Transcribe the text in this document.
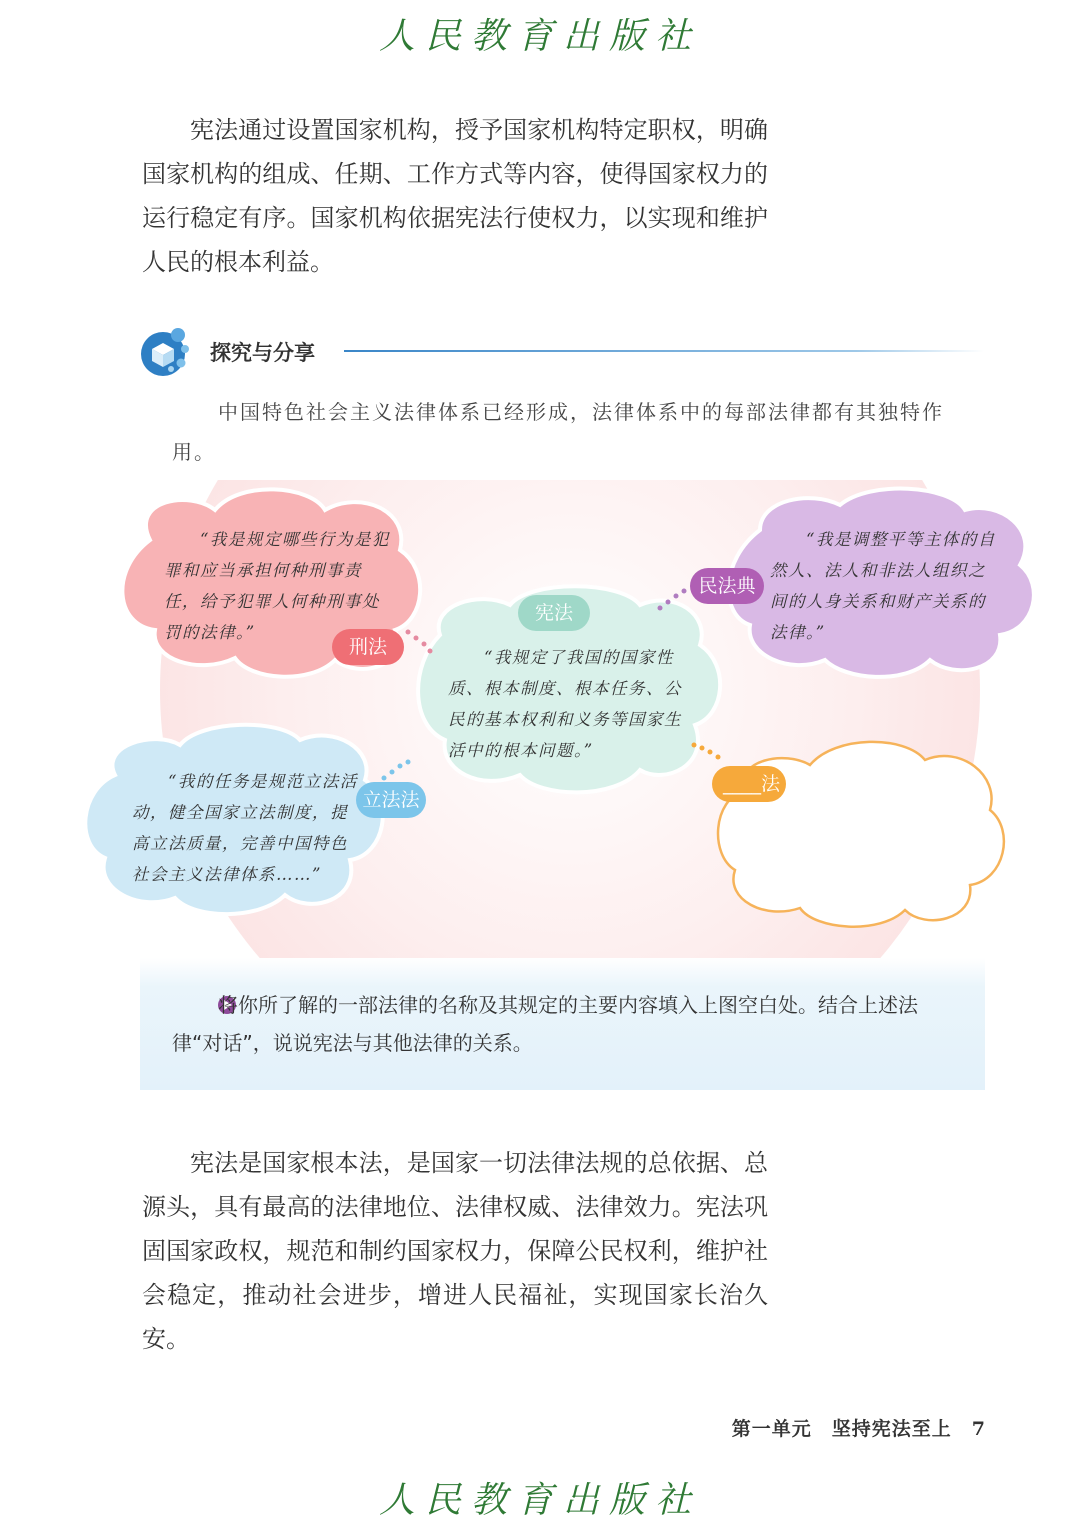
人民教育出版社

宪法通过设置国家机构，授予国家机构特定职权，明确国家机构的组成、任期、工作方式等内容，使得国家权力的运行稳定有序。国家机构依据宪法行使权力，以实现和维护人民的根本利益。

探究与分享

中国特色社会主义法律体系已经形成，法律体系中的每部法律都有其独特作用。

“我是规定哪些行为是犯罪和应当承担何种刑事责任，给予犯罪人何种刑事处罚的法律。”

“我是调整平等主体的自然人、法人和非法人组织之间的人身关系和财产关系的法律。”

“我规定了我国的国家性质、根本制度、根本任务、公民的基本权利和义务等国家生活中的根本问题。”

“我的任务是规范立法活动，健全国家立法制度，提高立法质量，完善中国特色社会主义法律体系……”

刑法
民法典
宪法
立法法
____法

将你所了解的一部法律的名称及其规定的主要内容填入上图空白处。结合上述法律“对话”，说说宪法与其他法律的关系。

宪法是国家根本法，是国家一切法律法规的总依据、总源头，具有最高的法律地位、法律权威、法律效力。宪法巩固国家政权，规范和制约国家权力，保障公民权利，维护社会稳定，推动社会进步，增进人民福祉，实现国家长治久安。

第一单元　坚持宪法至上　7
人民教育出版社
